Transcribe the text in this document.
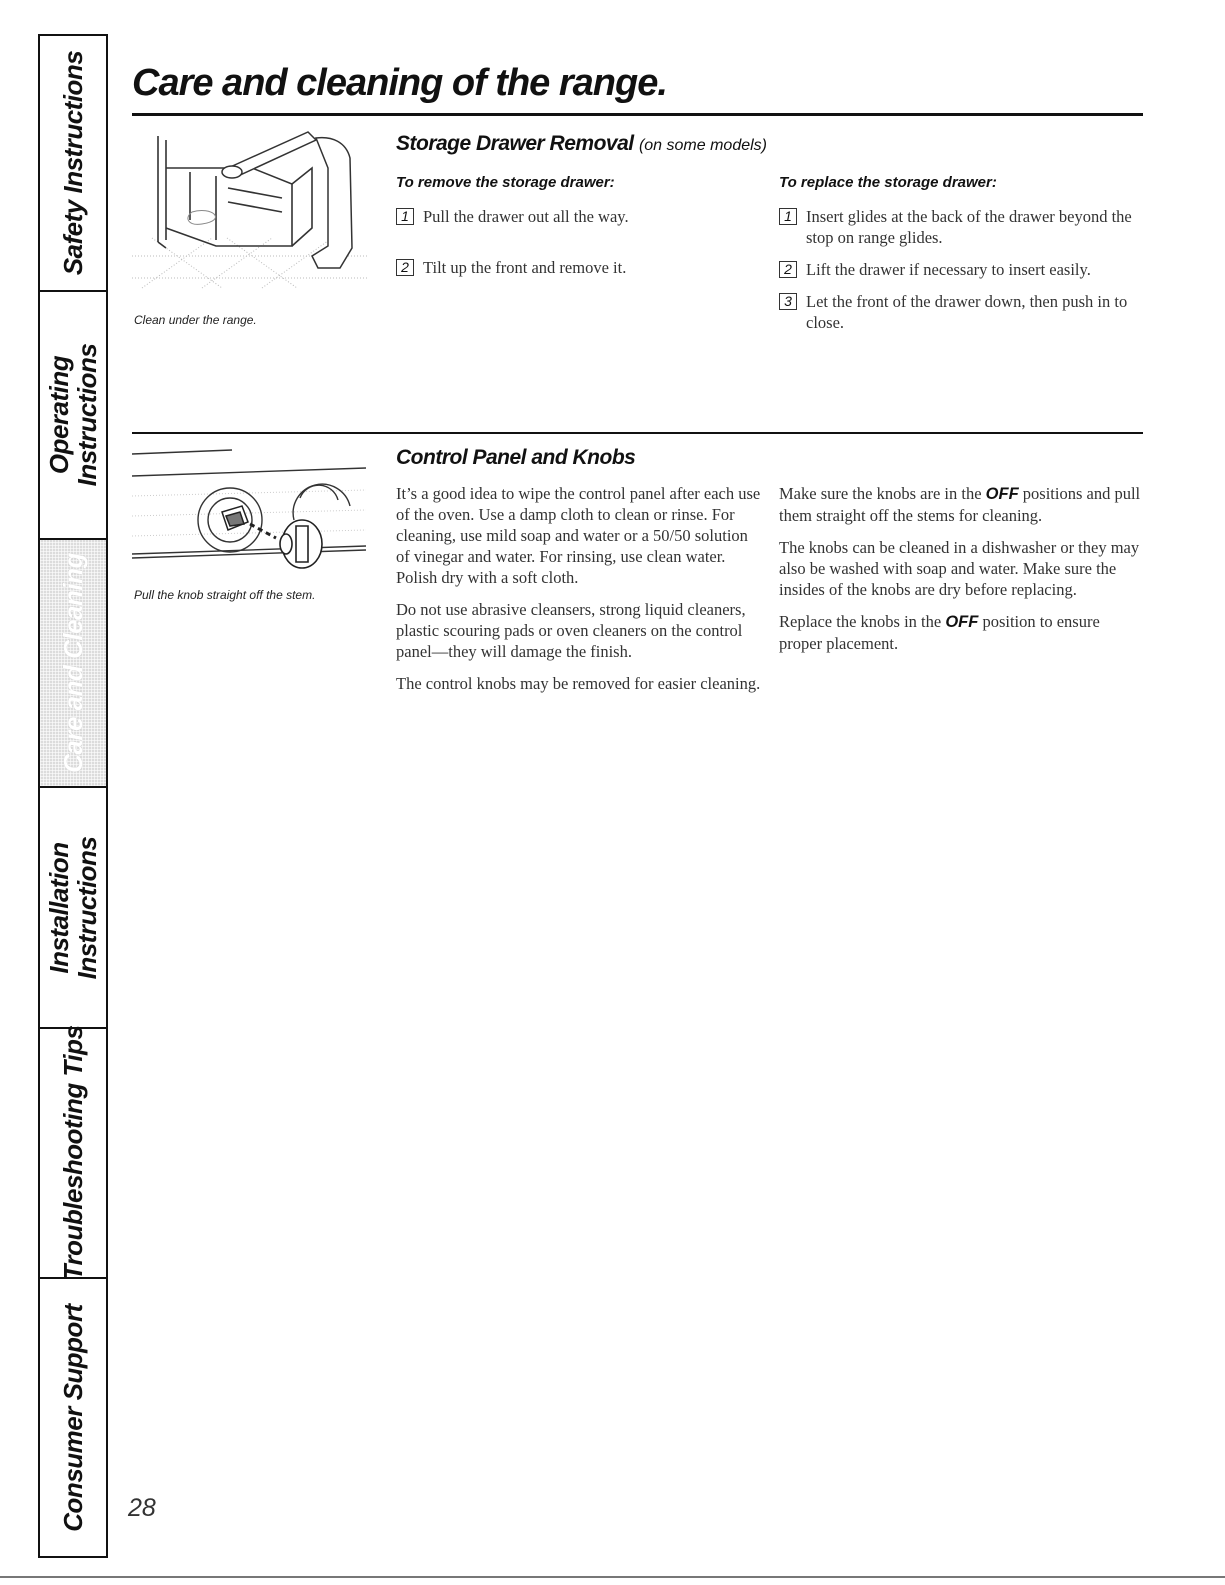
Safety Instructions
Operating
Instructions
Care and Cleaning
Installation
Instructions
Troubleshooting Tips
Consumer Support
Care and cleaning of the range.
Clean under the range.
Storage Drawer Removal (on some models)
To remove the storage drawer:
1 Pull the drawer out all the way.
2 Tilt up the front and remove it.
To replace the storage drawer:
1 Insert glides at the back of the drawer beyond the stop on range glides.
2 Lift the drawer if necessary to insert easily.
3 Let the front of the drawer down, then push in to close.
Pull the knob straight off the stem.
Control Panel and Knobs

It’s a good idea to wipe the control panel after each use of the oven. Use a damp cloth to clean or rinse. For cleaning, use mild soap and water or a 50/50 solution of vinegar and water. For rinsing, use clean water. Polish dry with a soft cloth.

Do not use abrasive cleansers, strong liquid cleaners, plastic scouring pads or oven cleaners on the control panel—they will damage the finish.

The control knobs may be removed for easier cleaning.

Make sure the knobs are in the OFF positions and pull them straight off the stems for cleaning.

The knobs can be cleaned in a dishwasher or they may also be washed with soap and water. Make sure the insides of the knobs are dry before replacing.

Replace the knobs in the OFF position to ensure proper placement.

28
